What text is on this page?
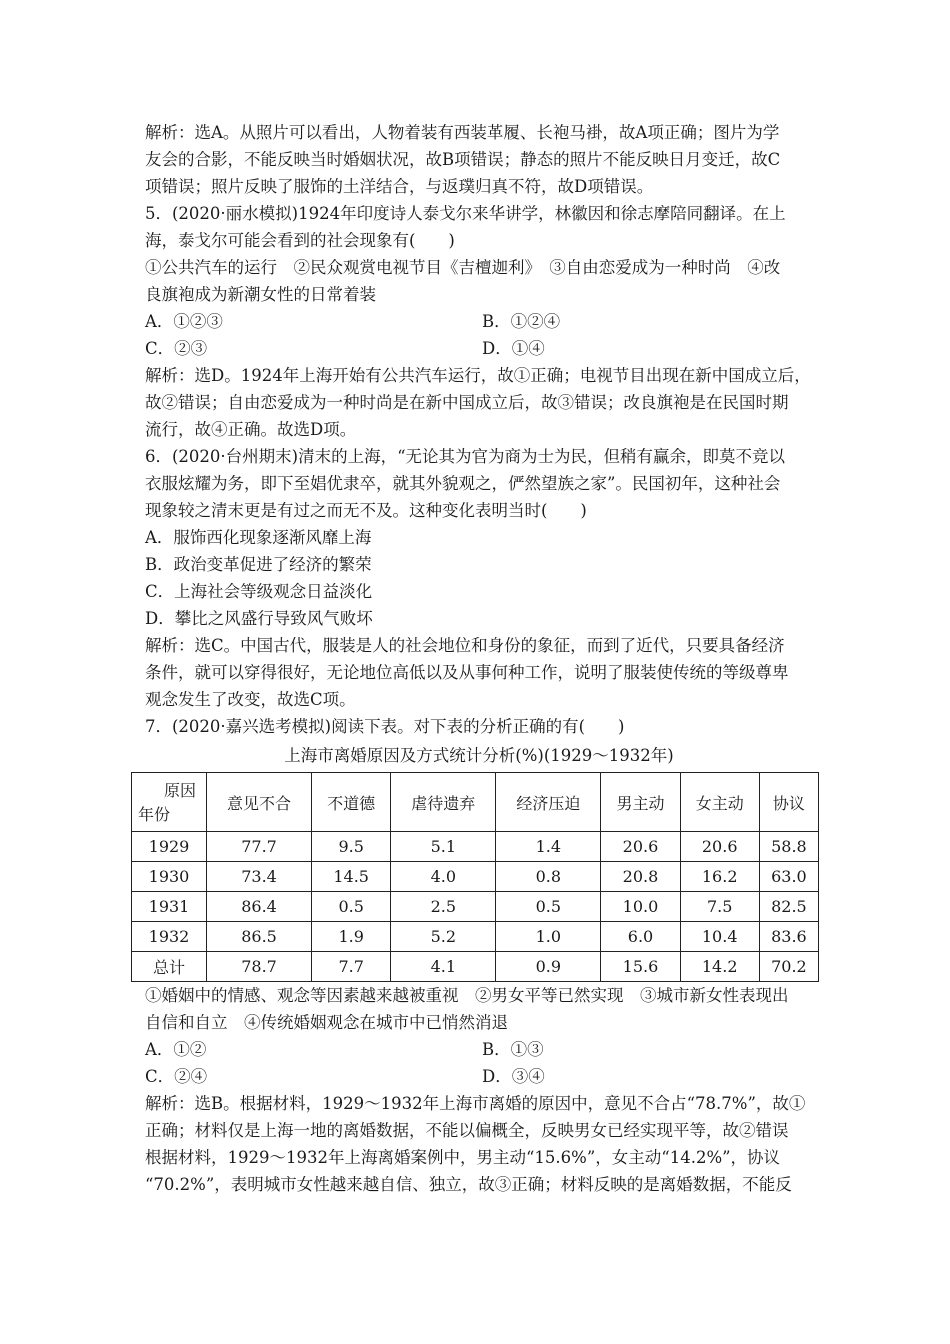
解析：选A。从照片可以看出，人物着装有西装革履、长袍马褂，故A项正确；图片为学
友会的合影，不能反映当时婚姻状况，故B项错误；静态的照片不能反映日月变迁，故C
项错误；照片反映了服饰的土洋结合，与返璞归真不符，故D项错误。
5．(2020·丽水模拟)1924年印度诗人泰戈尔来华讲学，林徽因和徐志摩陪同翻译。在上
海，泰戈尔可能会看到的社会现象有(　　)
①公共汽车的运行　②民众观赏电视节目《吉檀迦利》　③自由恋爱成为一种时尚　④改
良旗袍成为新潮女性的日常着装
A．①②③	B．①②④
C．②③	D．①④
解析：选D。1924年上海开始有公共汽车运行，故①正确；电视节目出现在新中国成立后，
故②错误；自由恋爱成为一种时尚是在新中国成立后，故③错误；改良旗袍是在民国时期
流行，故④正确。故选D项。
6．(2020·台州期末)清末的上海，“无论其为官为商为士为民，但稍有赢余，即莫不竞以
衣服炫耀为务，即下至娼优隶卒，就其外貌观之，俨然望族之家”。民国初年，这种社会
现象较之清末更是有过之而无不及。这种变化表明当时(　　)
A．服饰西化现象逐渐风靡上海
B．政治变革促进了经济的繁荣
C．上海社会等级观念日益淡化
D．攀比之风盛行导致风气败坏
解析：选C。中国古代，服装是人的社会地位和身份的象征，而到了近代，只要具备经济
条件，就可以穿得很好，无论地位高低以及从事何种工作，说明了服装使传统的等级尊卑
观念发生了改变，故选C项。
7．(2020·嘉兴选考模拟)阅读下表。对下表的分析正确的有(　　)
上海市离婚原因及方式统计分析(%)(1929～1932年)
原因
年份	意见不合	不道德	虐待遗弃	经济压迫	男主动	女主动	协议
1929	77.7	9.5	5.1	1.4	20.6	20.6	58.8
1930	73.4	14.5	4.0	0.8	20.8	16.2	63.0
1931	86.4	0.5	2.5	0.5	10.0	7.5	82.5
1932	86.5	1.9	5.2	1.0	6.0	10.4	83.6
总计	78.7	7.7	4.1	0.9	15.6	14.2	70.2
①婚姻中的情感、观念等因素越来越被重视　②男女平等已然实现　③城市新女性表现出
自信和自立　④传统婚姻观念在城市中已悄然消退
A．①②	B．①③
C．②④	D．③④
解析：选B。根据材料，1929～1932年上海市离婚的原因中，意见不合占“78.7%”，故①
正确；材料仅是上海一地的离婚数据，不能以偏概全，反映男女已经实现平等，故②错误
根据材料，1929～1932年上海离婚案例中，男主动“15.6%”，女主动“14.2%”，协议
“70.2%”，表明城市女性越来越自信、独立，故③正确；材料反映的是离婚数据，不能反
